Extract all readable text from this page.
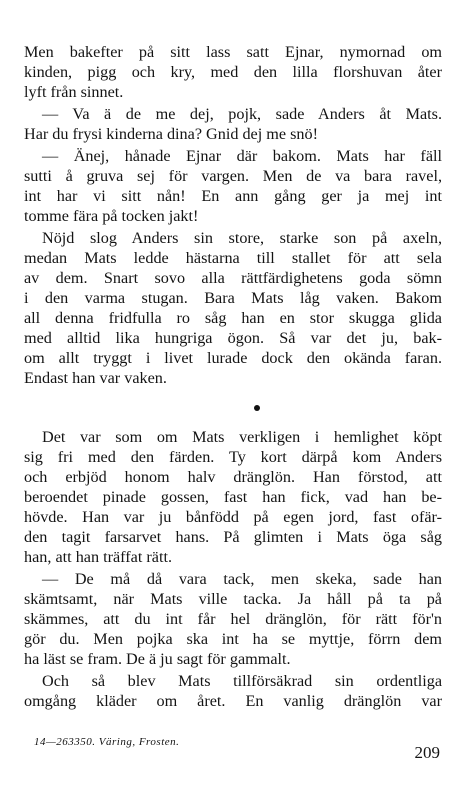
Men bakefter på sitt lass satt Ejnar, nymornad om
kinden, pigg och kry, med den lilla florshuvan åter
lyft från sinnet.
— Va ä de me dej, pojk, sade Anders åt Mats.
Har du frysi kinderna dina? Gnid dej me snö!
— Änej, hånade Ejnar där bakom. Mats har fäll
sutti å gruva sej för vargen. Men de va bara ravel,
int har vi sitt nån! En ann gång ger ja mej int
tomme fära på tocken jakt!
Nöjd slog Anders sin store, starke son på axeln,
medan Mats ledde hästarna till stallet för att sela
av dem. Snart sovo alla rättfärdighetens goda sömn
i den varma stugan. Bara Mats låg vaken. Bakom
all denna fridfulla ro såg han en stor skugga glida
med alltid lika hungriga ögon. Så var det ju, bak-
om allt tryggt i livet lurade dock den okända faran.
Endast han var vaken.
Det var som om Mats verkligen i hemlighet köpt
sig fri med den färden. Ty kort därpå kom Anders
och erbjöd honom halv dränglön. Han förstod, att
beroendet pinade gossen, fast han fick, vad han be-
hövde. Han var ju bånfödd på egen jord, fast ofär-
den tagit farsarvet hans. På glimten i Mats öga såg
han, att han träffat rätt.
— De må då vara tack, men skeka, sade han
skämtsamt, när Mats ville tacka. Ja håll på ta på
skämmes, att du int får hel dränglön, för rätt för'n
gör du. Men pojka ska int ha se myttje, förrn dem
ha läst se fram. De ä ju sagt för gammalt.
Och så blev Mats tillförsäkrad sin ordentliga
omgång kläder om året. En vanlig dränglön var
14—263350. Väring, Frosten.
209
